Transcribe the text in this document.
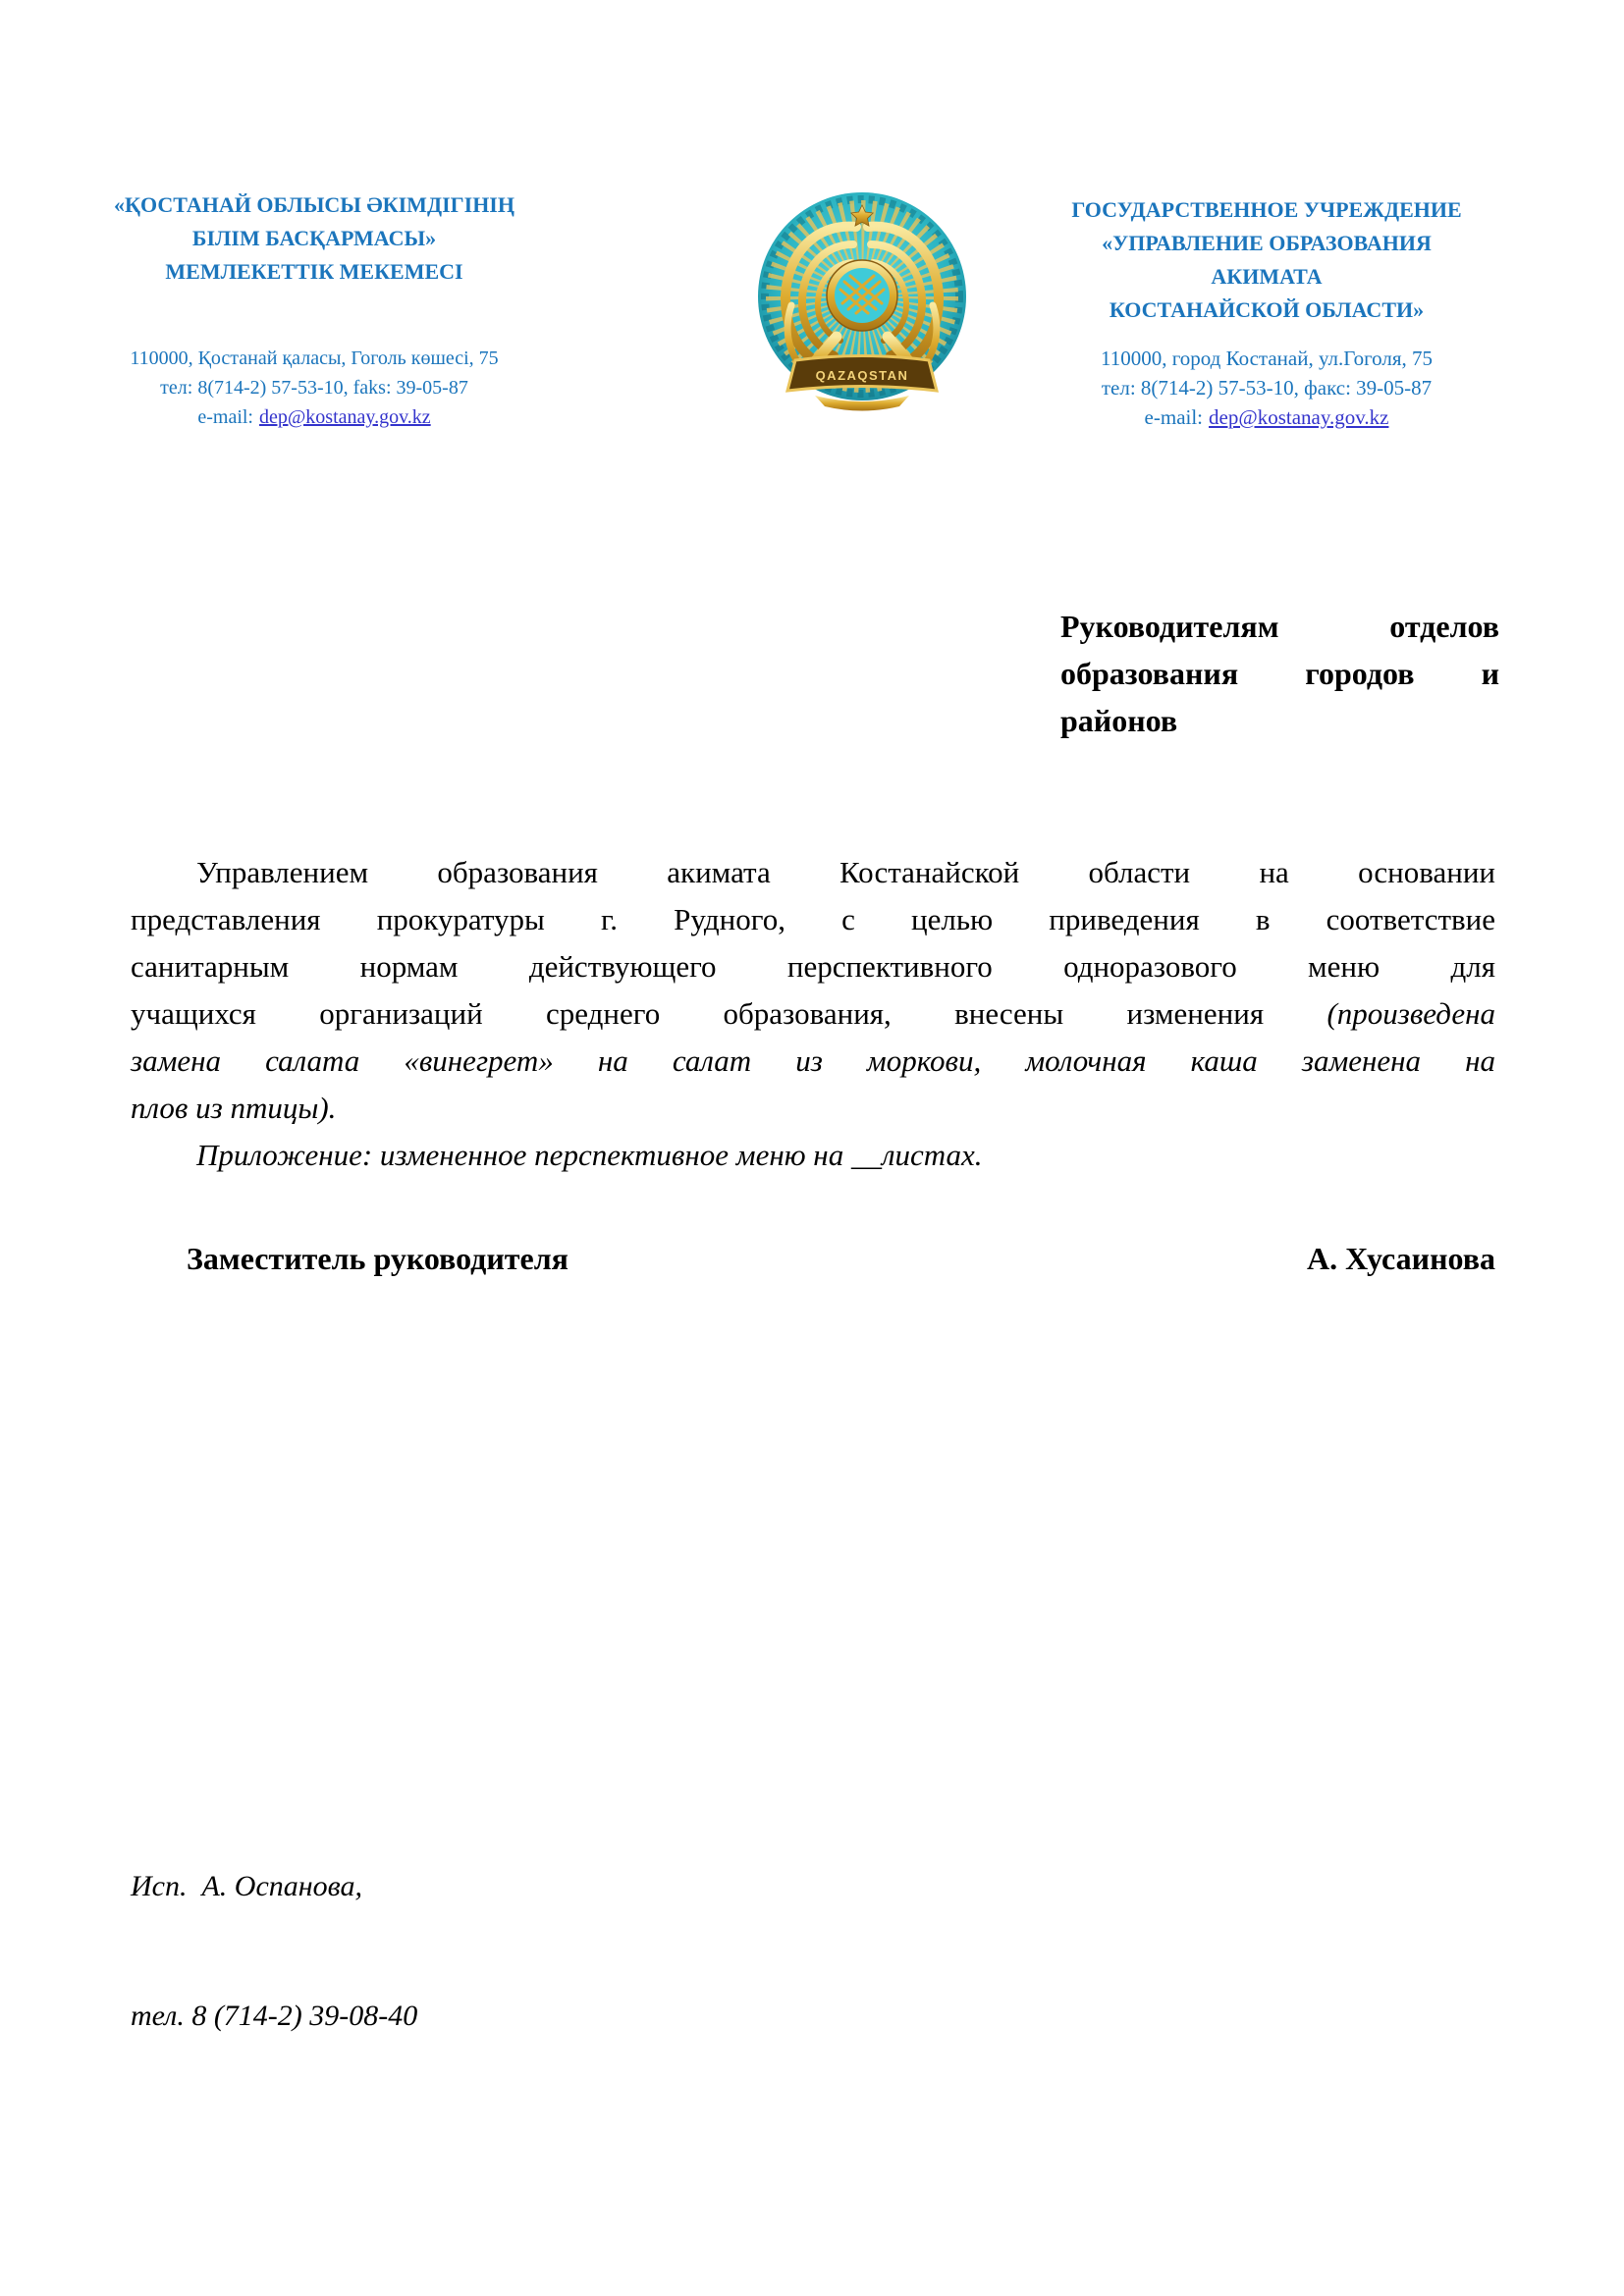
«ҚОСТАНАЙ ОБЛЫСЫ ӘКІМДІГІНІҢ
БІЛІМ БАСҚАРМАСЫ»
МЕМЛЕКЕТТІК МЕКЕМЕСІ
110000, Қостанай қаласы, Гоголь көшесі, 75
тел: 8(714-2) 57-53-10, faks: 39-05-87
e-mail: dep@kostanay.gov.kz
QAZAQSTAN
ГОСУДАРСТВЕННОЕ УЧРЕЖДЕНИЕ
«УПРАВЛЕНИЕ ОБРАЗОВАНИЯ
АКИМАТА
КОСТАНАЙСКОЙ ОБЛАСТИ»
110000, город Костанай, ул.Гоголя, 75
тел: 8(714-2) 57-53-10, факс: 39-05-87
e-mail: dep@kostanay.gov.kz
Руководителям отделов
образования городов и
районов
Управлением образования акимата Костанайской области на основании
представления прокуратуры г. Рудного, с целью приведения в соответствие
санитарным нормам действующего перспективного одноразового меню для
учащихся организаций среднего образования, внесены изменения (произведена
замена салата «винегрет» на салат из моркови, молочная каша заменена на
плов из птицы).
Приложение: измененное перспективное меню на __листах.
Заместитель руководителя	А. Хусаинова

Исп.  А. Оспанова,

тел. 8 (714-2) 39-08-40
